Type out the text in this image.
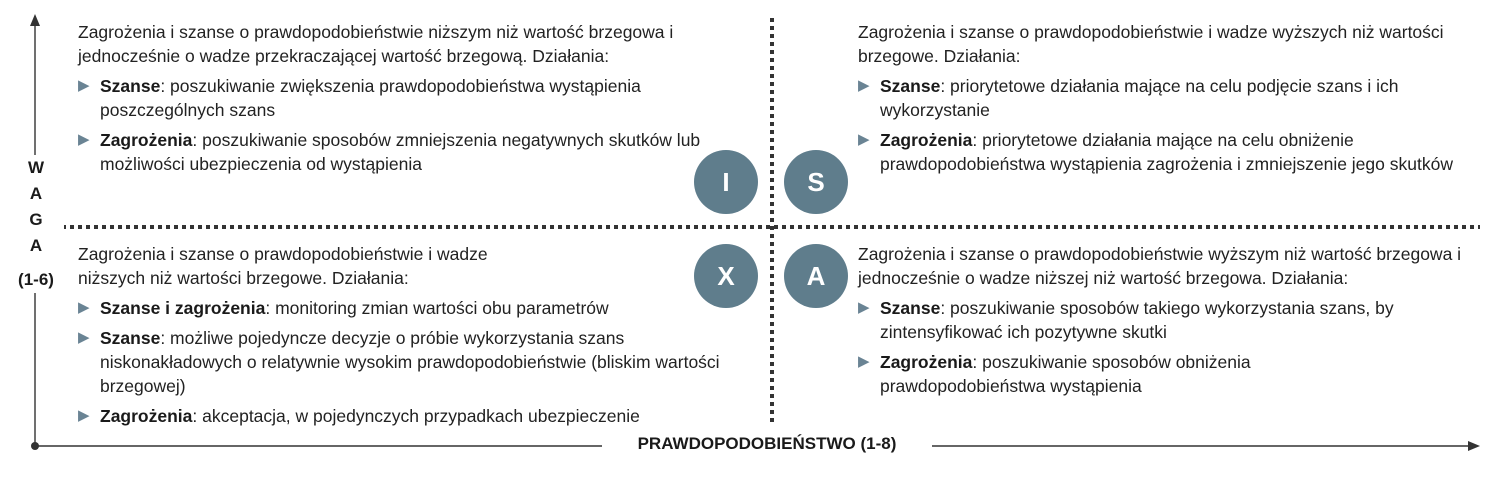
W
A
G
A
(1-6)
PRAWDOPODOBIEŃSTWO (1-8)

Zagrożenia i szanse o prawdopodobieństwie niższym niż wartość brzegowa i jednocześnie o wadze przekraczającej wartość brzegową. Działania:

▶ Szanse: poszukiwanie zwiększenia prawdopodobieństwa wystąpienia poszczególnych szans
▶ Zagrożenia: poszukiwanie sposobów zmniejszenia negatywnych skutków lub możliwości ubezpieczenia od wystąpienia

Zagrożenia i szanse o prawdopodobieństwie i wadze wyższych niż wartości brzegowe. Działania:

▶ Szanse: priorytetowe działania mające na celu podjęcie szans i ich wykorzystanie
▶ Zagrożenia: priorytetowe działania mające na celu obniżenie prawdopodobieństwa wystąpienia zagrożenia i zmniejszenie jego skutków

Zagrożenia i szanse o prawdopodobieństwie i wadze niższych niż wartości brzegowe. Działania:

▶ Szanse i zagrożenia: monitoring zmian wartości obu parametrów
▶ Szanse: możliwe pojedyncze decyzje o próbie wykorzystania szans niskonakładowych o relatywnie wysokim prawdopodobieństwie (bliskim wartości brzegowej)
▶ Zagrożenia: akceptacja, w pojedynczych przypadkach ubezpieczenie

Zagrożenia i szanse o prawdopodobieństwie wyższym niż wartość brzegowa i jednocześnie o wadze niższej niż wartość brzegowa. Działania:

▶ Szanse: poszukiwanie sposobów takiego wykorzystania szans, by zintensyfikować ich pozytywne skutki
▶ Zagrożenia: poszukiwanie sposobów obniżenia prawdopodobieństwa wystąpienia
I	S
X	A
